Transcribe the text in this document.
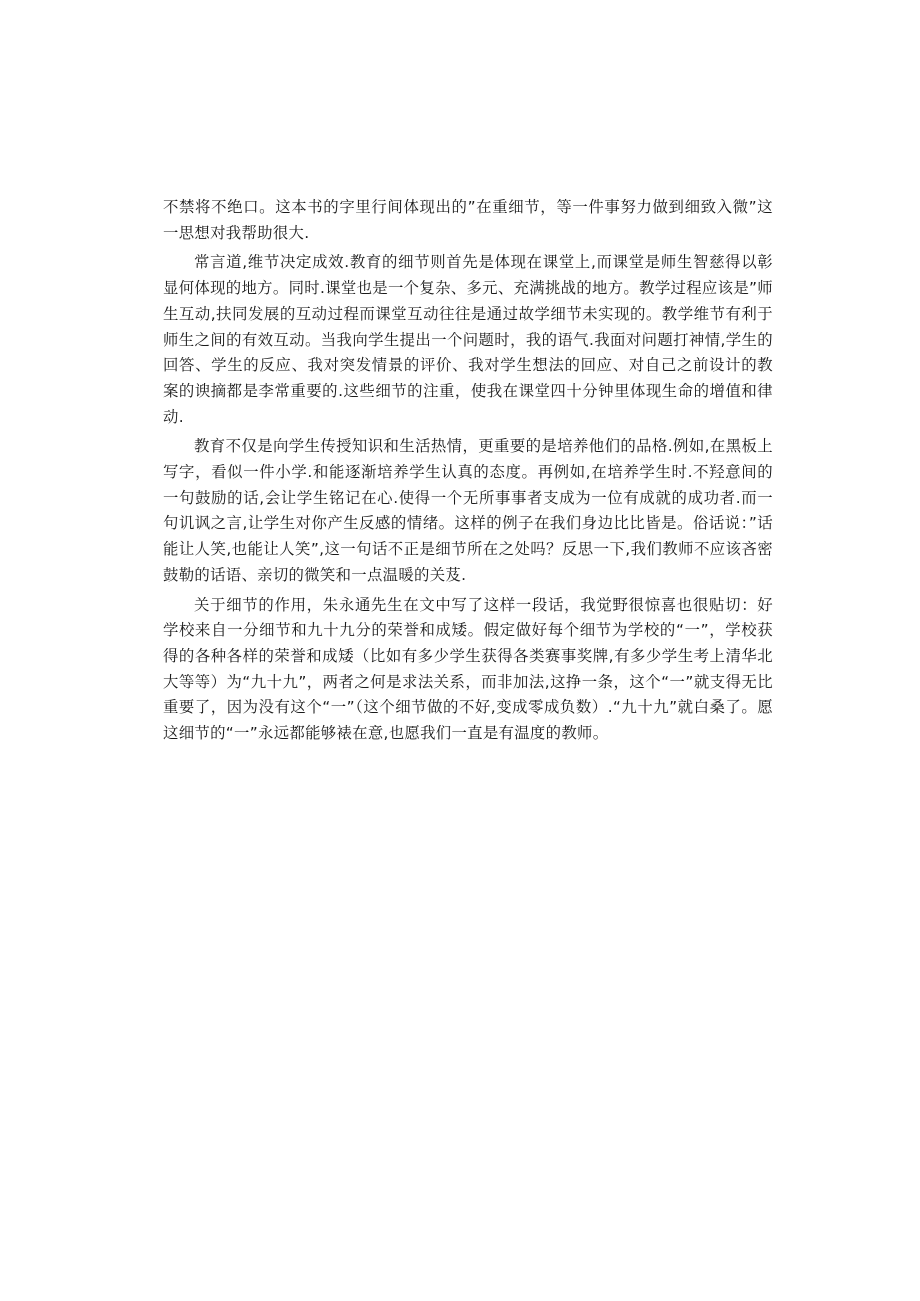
不禁将不绝口。这本书的字里行间体现出的”在重细节，等一件事努力做到细致入微”这一思想对我帮助很大.

常言道,维节决定成效.教育的细节则首先是体现在课堂上,而课堂是师生智慈得以彰显何体现的地方。同时.课堂也是一个复杂、多元、充满挑战的地方。教学过程应该是”师生互动,扶同发展的互动过程而课堂互动往往是通过故学细节未实现的。教学维节有利于师生之间的有效互动。当我向学生提出一个问题时，我的语气.我面对问题打神情,学生的回答、学生的反应、我对突发情景的评价、我对学生想法的回应、对自己之前设计的教案的谀摘都是李常重要的.这些细节的注重，使我在课堂四十分钟里体现生命的增值和律动.

教育不仅是向学生传授知识和生活热情，更重要的是培养他们的品格.例如,在黑板上写字，看似一件小学.和能逐渐培养学生认真的态度。再例如,在培养学生时.不羟意间的一句鼓励的话,会让学生铭记在心.使得一个无所事事者支成为一位有成就的成功者.而一句讥讽之言,让学生对你产生反感的情绪。这样的例子在我们身边比比皆是。俗话说：”话能让人笑,也能让人笑”,这一句话不正是细节所在之处吗？反思一下,我们教师不应该吝密鼓勒的话语、亲切的微笑和一点温暖的关芨.

关于细节的作用，朱永通先生在文中写了这样一段话，我觉野很惊喜也很贴切：好学校来自一分细节和九十九分的荣誉和成矮。假定做好每个细节为学校的“一”，学校获得的各种各样的荣誉和成矮（比如有多少学生获得各类赛事奖牌,有多少学生考上清华北大等等）为“九十九”，两者之何是求法关系，而非加法,这挣一条，这个“一”就支得无比重要了，因为没有这个“一”（这个细节做的不好,变成零成负数）.“九十九”就白桑了。愿这细节的“一”永远都能够裱在意,也愿我们一直是有温度的教师。
